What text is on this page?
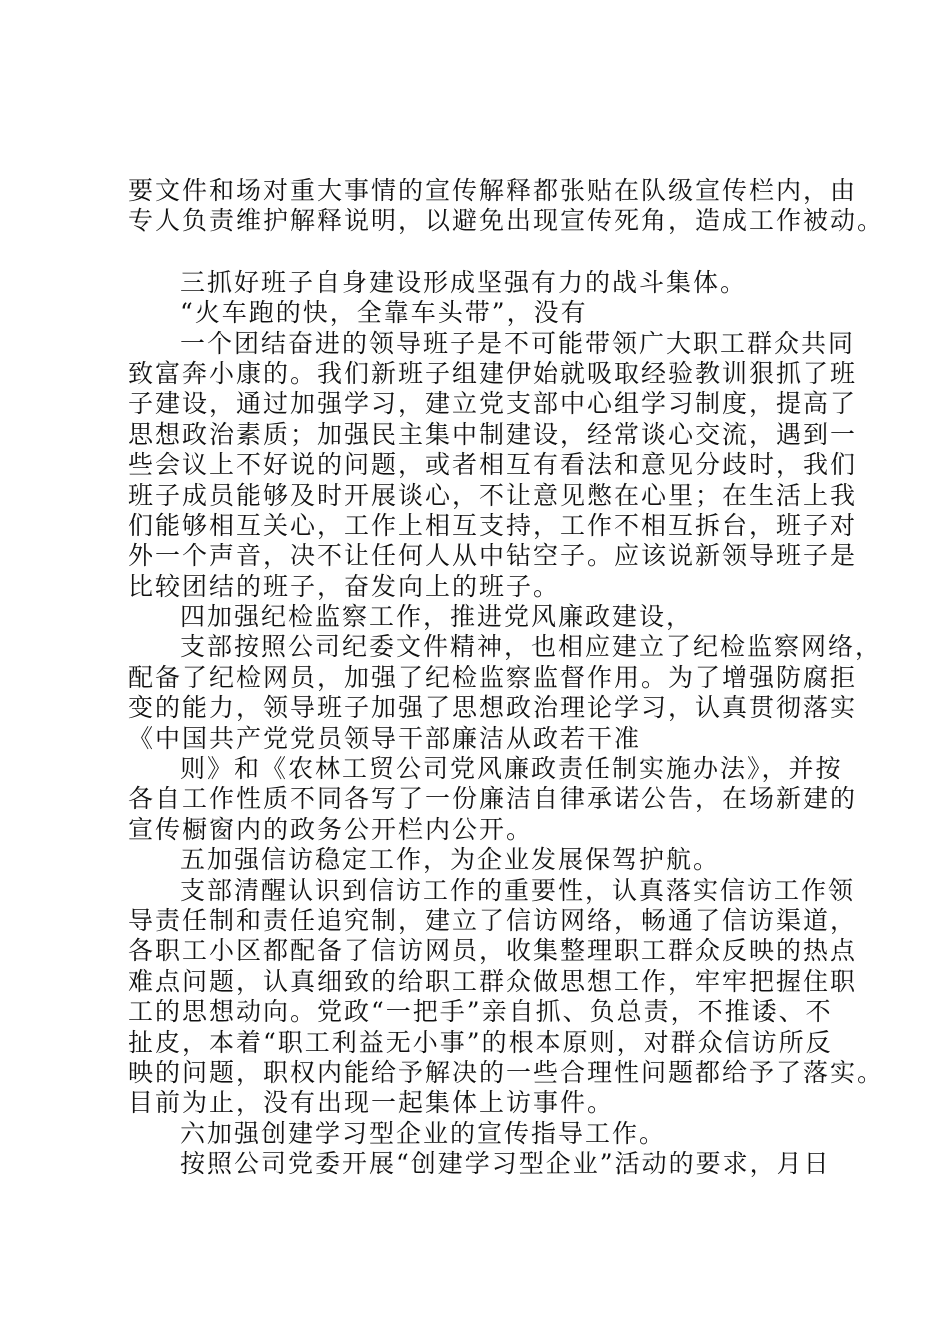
要文件和场对重大事情的宣传解释都张贴在队级宣传栏内，由
专人负责维护解释说明，以避免出现宣传死角，造成工作被动。
三抓好班子自身建设形成坚强有力的战斗集体。
“火车跑的快，全靠车头带”，没有
一个团结奋进的领导班子是不可能带领广大职工群众共同
致富奔小康的。我们新班子组建伊始就吸取经验教训狠抓了班
子建设，通过加强学习，建立党支部中心组学习制度，提高了
思想政治素质；加强民主集中制建设，经常谈心交流，遇到一
些会议上不好说的问题，或者相互有看法和意见分歧时，我们
班子成员能够及时开展谈心，不让意见憋在心里；在生活上我
们能够相互关心，工作上相互支持，工作不相互拆台，班子对
外一个声音，决不让任何人从中钻空子。应该说新领导班子是
比较团结的班子，奋发向上的班子。
四加强纪检监察工作，推进党风廉政建设，
支部按照公司纪委文件精神，也相应建立了纪检监察网络，
配备了纪检网员，加强了纪检监察监督作用。为了增强防腐拒
变的能力，领导班子加强了思想政治理论学习，认真贯彻落实
《中国共产党党员领导干部廉洁从政若干准
则》和《农林工贸公司党风廉政责任制实施办法》，并按
各自工作性质不同各写了一份廉洁自律承诺公告，在场新建的
宣传橱窗内的政务公开栏内公开。
五加强信访稳定工作，为企业发展保驾护航。
支部清醒认识到信访工作的重要性，认真落实信访工作领
导责任制和责任追究制，建立了信访网络，畅通了信访渠道，
各职工小区都配备了信访网员，收集整理职工群众反映的热点
难点问题，认真细致的给职工群众做思想工作，牢牢把握住职
工的思想动向。党政“一把手”亲自抓、负总责，不推诿、不
扯皮，本着“职工利益无小事”的根本原则，对群众信访所反
映的问题，职权内能给予解决的一些合理性问题都给予了落实。
目前为止，没有出现一起集体上访事件。
六加强创建学习型企业的宣传指导工作。
按照公司党委开展“创建学习型企业”活动的要求，月日
